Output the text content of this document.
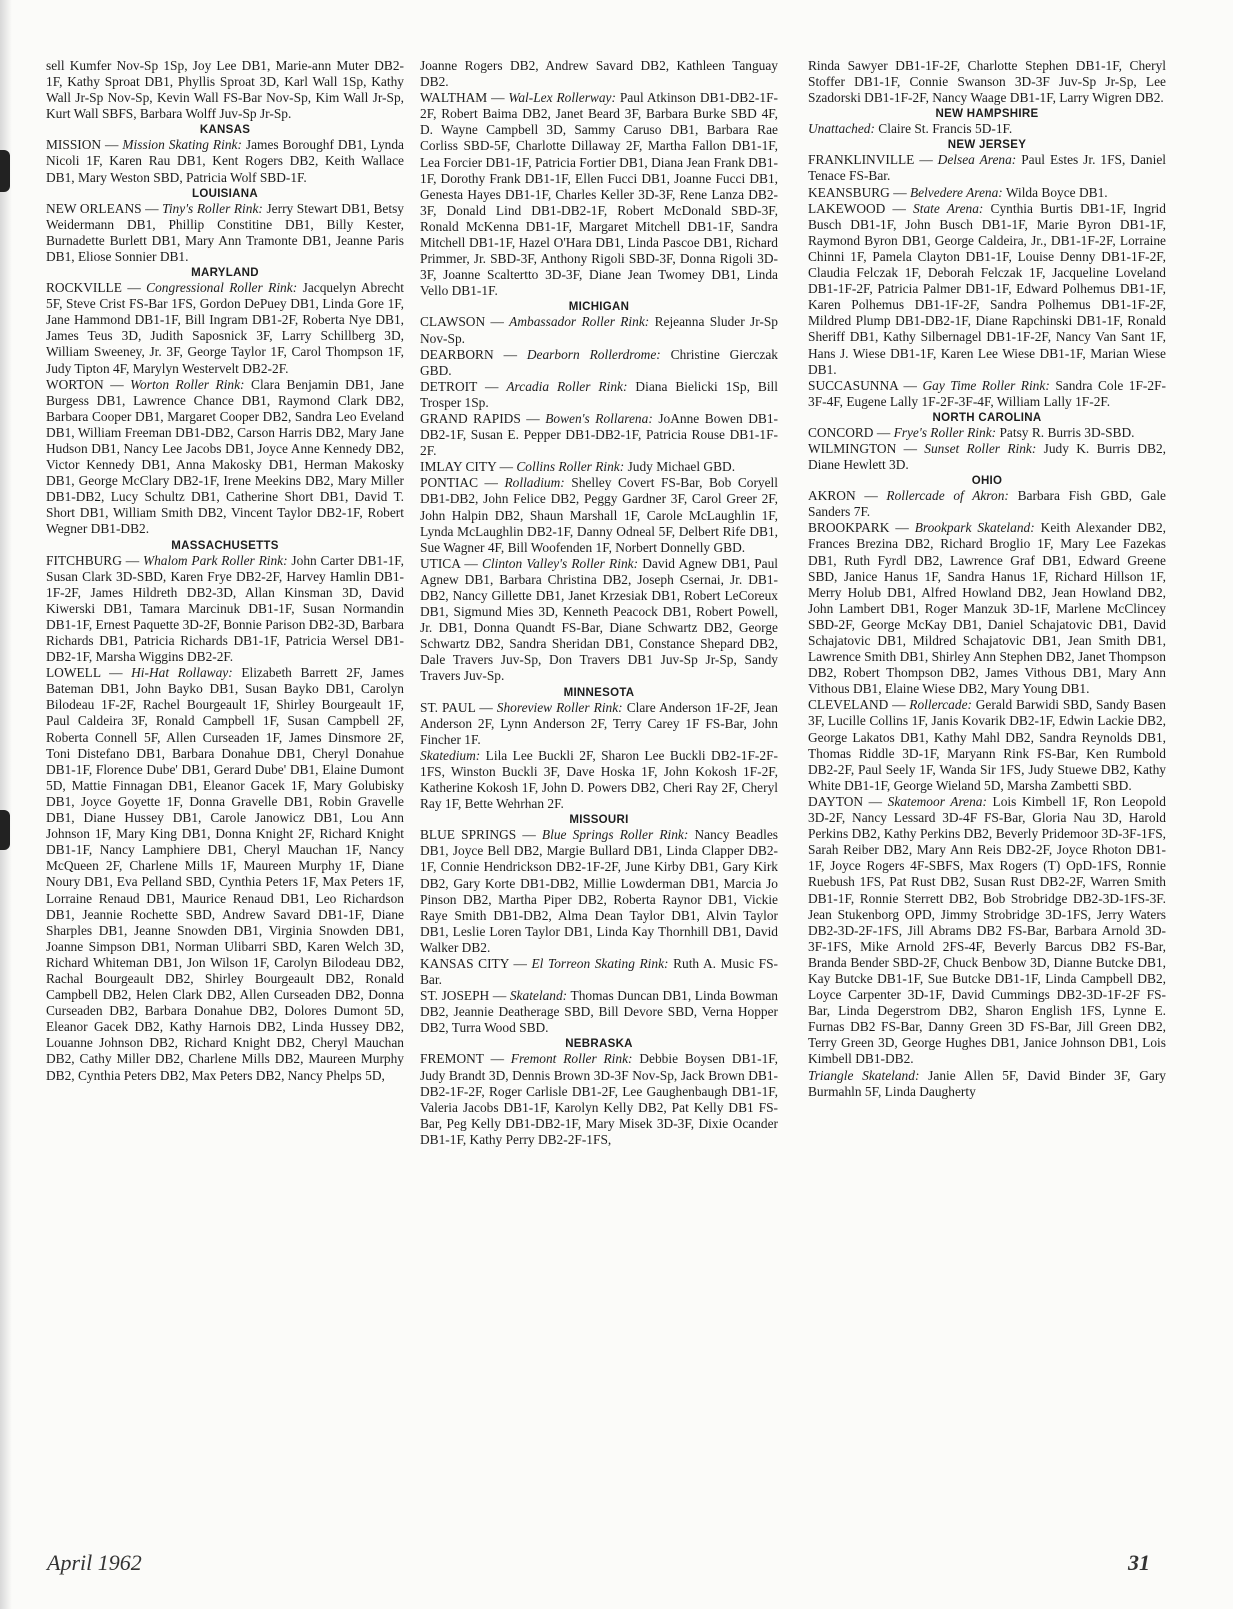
sell Kumfer Nov-Sp 1Sp, Joy Lee DB1, Marie-ann Muter DB2-1F, Kathy Sproat DB1, Phyllis Sproat 3D, Karl Wall 1Sp, Kathy Wall Jr-Sp Nov-Sp, Kevin Wall FS-Bar Nov-Sp, Kim Wall Jr-Sp, Kurt Wall SBFS, Barbara Wolff Juv-Sp Jr-Sp.

KANSAS

MISSION — Mission Skating Rink: James Boroughf DB1, Lynda Nicoli 1F, Karen Rau DB1, Kent Rogers DB2, Keith Wallace DB1, Mary Weston SBD, Patricia Wolf SBD-1F.

LOUISIANA

NEW ORLEANS — Tiny's Roller Rink: Jerry Stewart DB1, Betsy Weidermann DB1, Phillip Constitine DB1, Billy Kester, Burnadette Burlett DB1, Mary Ann Tramonte DB1, Jeanne Paris DB1, Eliose Sonnier DB1.

MARYLAND

ROCKVILLE — Congressional Roller Rink: Jacquelyn Abrecht 5F, Steve Crist FS-Bar 1FS, Gordon DePuey DB1, Linda Gore 1F, Jane Hammond DB1-1F, Bill Ingram DB1-2F, Roberta Nye DB1, James Teus 3D, Judith Saposnick 3F, Larry Schillberg 3D, William Sweeney, Jr. 3F, George Taylor 1F, Carol Thompson 1F, Judy Tipton 4F, Marylyn Westervelt DB2-2F.

WORTON — Worton Roller Rink: Clara Benjamin DB1, Jane Burgess DB1, Lawrence Chance DB1, Raymond Clark DB2, Barbara Cooper DB1, Margaret Cooper DB2, Sandra Leo Eveland DB1, William Freeman DB1-DB2, Carson Harris DB2, Mary Jane Hudson DB1, Nancy Lee Jacobs DB1, Joyce Anne Kennedy DB2, Victor Kennedy DB1, Anna Makosky DB1, Herman Makosky DB1, George McClary DB2-1F, Irene Meekins DB2, Mary Miller DB1-DB2, Lucy Schultz DB1, Catherine Short DB1, David T. Short DB1, William Smith DB2, Vincent Taylor DB2-1F, Robert Wegner DB1-DB2.

MASSACHUSETTS

FITCHBURG — Whalom Park Roller Rink: John Carter DB1-1F, Susan Clark 3D-SBD, Karen Frye DB2-2F, Harvey Hamlin DB1-1F-2F, James Hildreth DB2-3D, Allan Kinsman 3D, David Kiwerski DB1, Tamara Marcinuk DB1-1F, Susan Normandin DB1-1F, Ernest Paquette 3D-2F, Bonnie Parison DB2-3D, Barbara Richards DB1, Patricia Richards DB1-1F, Patricia Wersel DB1-DB2-1F, Marsha Wiggins DB2-2F.

LOWELL — Hi-Hat Rollaway: Elizabeth Barrett 2F, James Bateman DB1, John Bayko DB1, Susan Bayko DB1, Carolyn Bilodeau 1F-2F, Rachel Bourgeault 1F, Shirley Bourgeault 1F, Paul Caldeira 3F, Ronald Campbell 1F, Susan Campbell 2F, Roberta Connell 5F, Allen Curseaden 1F, James Dinsmore 2F, Toni Distefano DB1, Barbara Donahue DB1, Cheryl Donahue DB1-1F, Florence Dube' DB1, Gerard Dube' DB1, Elaine Dumont 5D, Mattie Finnagan DB1, Eleanor Gacek 1F, Mary Golubisky DB1, Joyce Goyette 1F, Donna Gravelle DB1, Robin Gravelle DB1, Diane Hussey DB1, Carole Janowicz DB1, Lou Ann Johnson 1F, Mary King DB1, Donna Knight 2F, Richard Knight DB1-1F, Nancy Lamphiere DB1, Cheryl Mauchan 1F, Nancy McQueen 2F, Charlene Mills 1F, Maureen Murphy 1F, Diane Noury DB1, Eva Pelland SBD, Cynthia Peters 1F, Max Peters 1F, Lorraine Renaud DB1, Maurice Renaud DB1, Leo Richardson DB1, Jeannie Rochette SBD, Andrew Savard DB1-1F, Diane Sharples DB1, Jeanne Snowden DB1, Virginia Snowden DB1, Joanne Simpson DB1, Norman Ulibarri SBD, Karen Welch 3D, Richard Whiteman DB1, Jon Wilson 1F, Carolyn Bilodeau DB2, Rachal Bourgeault DB2, Shirley Bourgeault DB2, Ronald Campbell DB2, Helen Clark DB2, Allen Curseaden DB2, Donna Curseaden DB2, Barbara Donahue DB2, Dolores Dumont 5D, Eleanor Gacek DB2, Kathy Harnois DB2, Linda Hussey DB2, Louanne Johnson DB2, Richard Knight DB2, Cheryl Mauchan DB2, Cathy Miller DB2, Charlene Mills DB2, Maureen Murphy DB2, Cynthia Peters DB2, Max Peters DB2, Nancy Phelps 5D,

Joanne Rogers DB2, Andrew Savard DB2, Kathleen Tanguay DB2.

WALTHAM — Wal-Lex Rollerway: Paul Atkinson DB1-DB2-1F-2F, Robert Baima DB2, Janet Beard 3F, Barbara Burke SBD 4F, D. Wayne Campbell 3D, Sammy Caruso DB1, Barbara Rae Corliss SBD-5F, Charlotte Dillaway 2F, Martha Fallon DB1-1F, Lea Forcier DB1-1F, Patricia Fortier DB1, Diana Jean Frank DB1-1F, Dorothy Frank DB1-1F, Ellen Fucci DB1, Joanne Fucci DB1, Genesta Hayes DB1-1F, Charles Keller 3D-3F, Rene Lanza DB2-3F, Donald Lind DB1-DB2-1F, Robert McDonald SBD-3F, Ronald McKenna DB1-1F, Margaret Mitchell DB1-1F, Sandra Mitchell DB1-1F, Hazel O'Hara DB1, Linda Pascoe DB1, Richard Primmer, Jr. SBD-3F, Anthony Rigoli SBD-3F, Donna Rigoli 3D-3F, Joanne Scaltertto 3D-3F, Diane Jean Twomey DB1, Linda Vello DB1-1F.

MICHIGAN

CLAWSON — Ambassador Roller Rink: Rejeanna Sluder Jr-Sp Nov-Sp.

DEARBORN — Dearborn Rollerdrome: Christine Gierczak GBD.

DETROIT — Arcadia Roller Rink: Diana Bielicki 1Sp, Bill Trosper 1Sp.

GRAND RAPIDS — Bowen's Rollarena: JoAnne Bowen DB1-DB2-1F, Susan E. Pepper DB1-DB2-1F, Patricia Rouse DB1-1F-2F.

IMLAY CITY — Collins Roller Rink: Judy Michael GBD.

PONTIAC — Rolladium: Shelley Covert FS-Bar, Bob Coryell DB1-DB2, John Felice DB2, Peggy Gardner 3F, Carol Greer 2F, John Halpin DB2, Shaun Marshall 1F, Carole McLaughlin 1F, Lynda McLaughlin DB2-1F, Danny Odneal 5F, Delbert Rife DB1, Sue Wagner 4F, Bill Woofenden 1F, Norbert Donnelly GBD.

UTICA — Clinton Valley's Roller Rink: David Agnew DB1, Paul Agnew DB1, Barbara Christina DB2, Joseph Csernai, Jr. DB1-DB2, Nancy Gillette DB1, Janet Krzesiak DB1, Robert LeCoreux DB1, Sigmund Mies 3D, Kenneth Peacock DB1, Robert Powell, Jr. DB1, Donna Quandt FS-Bar, Diane Schwartz DB2, George Schwartz DB2, Sandra Sheridan DB1, Constance Shepard DB2, Dale Travers Juv-Sp, Don Travers DB1 Juv-Sp Jr-Sp, Sandy Travers Juv-Sp.

MINNESOTA

ST. PAUL — Shoreview Roller Rink: Clare Anderson 1F-2F, Jean Anderson 2F, Lynn Anderson 2F, Terry Carey 1F FS-Bar, John Fincher 1F.

Skatedium: Lila Lee Buckli 2F, Sharon Lee Buckli DB2-1F-2F-1FS, Winston Buckli 3F, Dave Hoska 1F, John Kokosh 1F-2F, Katherine Kokosh 1F, John D. Powers DB2, Cheri Ray 2F, Cheryl Ray 1F, Bette Wehrhan 2F.

MISSOURI

BLUE SPRINGS — Blue Springs Roller Rink: Nancy Beadles DB1, Joyce Bell DB2, Margie Bullard DB1, Linda Clapper DB2-1F, Connie Hendrickson DB2-1F-2F, June Kirby DB1, Gary Kirk DB2, Gary Korte DB1-DB2, Millie Lowderman DB1, Marcia Jo Pinson DB2, Martha Piper DB2, Roberta Raynor DB1, Vickie Raye Smith DB1-DB2, Alma Dean Taylor DB1, Alvin Taylor DB1, Leslie Loren Taylor DB1, Linda Kay Thornhill DB1, David Walker DB2.

KANSAS CITY — El Torreon Skating Rink: Ruth A. Music FS-Bar.

ST. JOSEPH — Skateland: Thomas Duncan DB1, Linda Bowman DB2, Jeannie Deatherage SBD, Bill Devore SBD, Verna Hopper DB2, Turra Wood SBD.

NEBRASKA

FREMONT — Fremont Roller Rink: Debbie Boysen DB1-1F, Judy Brandt 3D, Dennis Brown 3D-3F Nov-Sp, Jack Brown DB1-DB2-1F-2F, Roger Carlisle DB1-2F, Lee Gaughenbaugh DB1-1F, Valeria Jacobs DB1-1F, Karolyn Kelly DB2, Pat Kelly DB1 FS-Bar, Peg Kelly DB1-DB2-1F, Mary Misek 3D-3F, Dixie Ocander DB1-1F, Kathy Perry DB2-2F-1FS,

Rinda Sawyer DB1-1F-2F, Charlotte Stephen DB1-1F, Cheryl Stoffer DB1-1F, Connie Swanson 3D-3F Juv-Sp Jr-Sp, Lee Szadorski DB1-1F-2F, Nancy Waage DB1-1F, Larry Wigren DB2.

NEW HAMPSHIRE

Unattached: Claire St. Francis 5D-1F.

NEW JERSEY

FRANKLINVILLE — Delsea Arena: Paul Estes Jr. 1FS, Daniel Tenace FS-Bar.

KEANSBURG — Belvedere Arena: Wilda Boyce DB1.

LAKEWOOD — State Arena: Cynthia Burtis DB1-1F, Ingrid Busch DB1-1F, John Busch DB1-1F, Marie Byron DB1-1F, Raymond Byron DB1, George Caldeira, Jr., DB1-1F-2F, Lorraine Chinni 1F, Pamela Clayton DB1-1F, Louise Denny DB1-1F-2F, Claudia Felczak 1F, Deborah Felczak 1F, Jacqueline Loveland DB1-1F-2F, Patricia Palmer DB1-1F, Edward Polhemus DB1-1F, Karen Polhemus DB1-1F-2F, Sandra Polhemus DB1-1F-2F, Mildred Plump DB1-DB2-1F, Diane Rapchinski DB1-1F, Ronald Sheriff DB1, Kathy Silbernagel DB1-1F-2F, Nancy Van Sant 1F, Hans J. Wiese DB1-1F, Karen Lee Wiese DB1-1F, Marian Wiese DB1.

SUCCASUNNA — Gay Time Roller Rink: Sandra Cole 1F-2F-3F-4F, Eugene Lally 1F-2F-3F-4F, William Lally 1F-2F.

NORTH CAROLINA

CONCORD — Frye's Roller Rink: Patsy R. Burris 3D-SBD.

WILMINGTON — Sunset Roller Rink: Judy K. Burris DB2, Diane Hewlett 3D.

OHIO

AKRON — Rollercade of Akron: Barbara Fish GBD, Gale Sanders 7F.

BROOKPARK — Brookpark Skateland: Keith Alexander DB2, Frances Brezina DB2, Richard Broglio 1F, Mary Lee Fazekas DB1, Ruth Fyrdl DB2, Lawrence Graf DB1, Edward Greene SBD, Janice Hanus 1F, Sandra Hanus 1F, Richard Hillson 1F, Merry Holub DB1, Alfred Howland DB2, Jean Howland DB2, John Lambert DB1, Roger Manzuk 3D-1F, Marlene McClincey SBD-2F, George McKay DB1, Daniel Schajatovic DB1, David Schajatovic DB1, Mildred Schajatovic DB1, Jean Smith DB1, Lawrence Smith DB1, Shirley Ann Stephen DB2, Janet Thompson DB2, Robert Thompson DB2, James Vithous DB1, Mary Ann Vithous DB1, Elaine Wiese DB2, Mary Young DB1.

CLEVELAND — Rollercade: Gerald Barwidi SBD, Sandy Basen 3F, Lucille Collins 1F, Janis Kovarik DB2-1F, Edwin Lackie DB2, George Lakatos DB1, Kathy Mahl DB2, Sandra Reynolds DB1, Thomas Riddle 3D-1F, Maryann Rink FS-Bar, Ken Rumbold DB2-2F, Paul Seely 1F, Wanda Sir 1FS, Judy Stuewe DB2, Kathy White DB1-1F, George Wieland 5D, Marsha Zambetti SBD.

DAYTON — Skatemoor Arena: Lois Kimbell 1F, Ron Leopold 3D-2F, Nancy Lessard 3D-4F FS-Bar, Gloria Nau 3D, Harold Perkins DB2, Kathy Perkins DB2, Beverly Pridemoor 3D-3F-1FS, Sarah Reiber DB2, Mary Ann Reis DB2-2F, Joyce Rhoton DB1-1F, Joyce Rogers 4F-SBFS, Max Rogers (T) OpD-1FS, Ronnie Ruebush 1FS, Pat Rust DB2, Susan Rust DB2-2F, Warren Smith DB1-1F, Ronnie Sterrett DB2, Bob Strobridge DB2-3D-1FS-3F. Jean Stukenborg OPD, Jimmy Strobridge 3D-1FS, Jerry Waters DB2-3D-2F-1FS, Jill Abrams DB2 FS-Bar, Barbara Arnold 3D-3F-1FS, Mike Arnold 2FS-4F, Beverly Barcus DB2 FS-Bar, Branda Bender SBD-2F, Chuck Benbow 3D, Dianne Butcke DB1, Kay Butcke DB1-1F, Sue Butcke DB1-1F, Linda Campbell DB2, Loyce Carpenter 3D-1F, David Cummings DB2-3D-1F-2F FS-Bar, Linda Degerstrom DB2, Sharon English 1FS, Lynne E. Furnas DB2 FS-Bar, Danny Green 3D FS-Bar, Jill Green DB2, Terry Green 3D, George Hughes DB1, Janice Johnson DB1, Lois Kimbell DB1-DB2.

Triangle Skateland: Janie Allen 5F, David Binder 3F, Gary Burmahln 5F, Linda Daugherty

April 1962	31
